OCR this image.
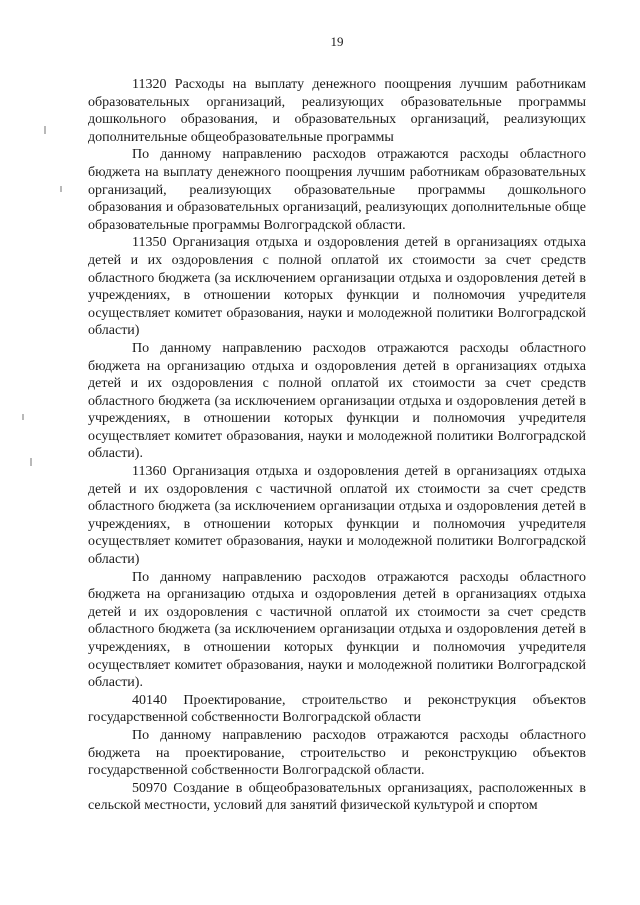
19

11320 Расходы на выплату денежного поощрения лучшим работникам образовательных организаций, реализующих образовательные программы дошкольного образования, и образовательных организаций, реализующих дополнительные общеобразовательные программы

По данному направлению расходов отражаются расходы областного бюджета на выплату денежного поощрения лучшим работникам образовательных организаций, реализующих образовательные программы дошкольного образования и образовательных организаций, реализующих дополнительные обще образовательные программы Волгоградской области.

11350 Организация отдыха и оздоровления детей в организациях отдыха детей и их оздоровления с полной оплатой их стоимости за счет средств областного бюджета (за исключением организации отдыха и оздоровления детей в учреждениях, в отношении которых функции и полномочия учредителя осуществляет комитет образования, науки и молодежной политики Волгоградской области)

По данному направлению расходов отражаются расходы областного бюджета на организацию отдыха и оздоровления детей в организациях отдыха детей и их оздоровления с полной оплатой их стоимости за счет средств областного бюджета (за исключением организации отдыха и оздоровления детей в учреждениях, в отношении которых функции и полномочия учредителя осуществляет комитет образования, науки и молодежной политики Волгоградской области).

11360 Организация отдыха и оздоровления детей в организациях отдыха детей и их оздоровления с частичной оплатой их стоимости за счет средств областного бюджета (за исключением организации отдыха и оздоровления детей в учреждениях, в отношении которых функции и полномочия учредителя осуществляет комитет образования, науки и молодежной политики Волгоградской области)

По данному направлению расходов отражаются расходы областного бюджета на организацию отдыха и оздоровления детей в организациях отдыха детей и их оздоровления с частичной оплатой их стоимости за счет средств областного бюджета (за исключением организации отдыха и оздоровления детей в учреждениях, в отношении которых функции и полномочия учредителя осуществляет комитет образования, науки и молодежной политики Волгоградской области).

40140 Проектирование, строительство и реконструкция объектов государственной собственности Волгоградской области

По данному направлению расходов отражаются расходы областного бюджета на проектирование, строительство и реконструкцию объектов государственной собственности Волгоградской области.

50970 Создание в общеобразовательных организациях, расположенных в сельской местности, условий для занятий физической культурой и спортом
